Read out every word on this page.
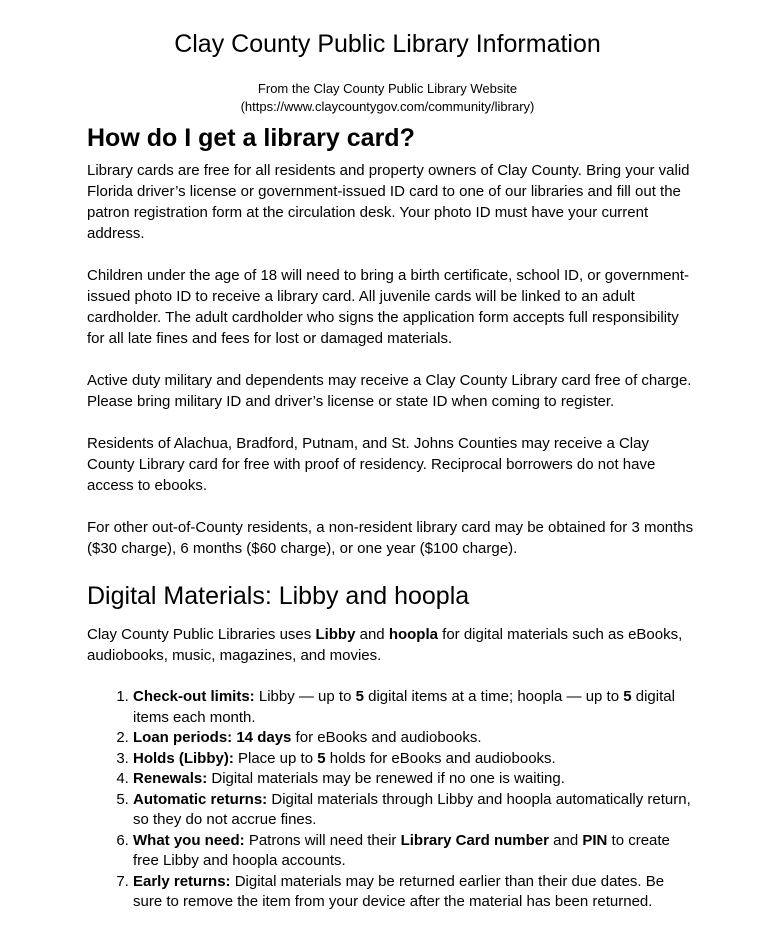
Clay County Public Library Information
From the Clay County Public Library Website
(https://www.claycountygov.com/community/library)
How do I get a library card?

Library cards are free for all residents and property owners of Clay County. Bring your valid Florida driver’s license or government-issued ID card to one of our libraries and fill out the patron registration form at the circulation desk. Your photo ID must have your current address.

Children under the age of 18 will need to bring a birth certificate, school ID, or government-issued photo ID to receive a library card. All juvenile cards will be linked to an adult cardholder. The adult cardholder who signs the application form accepts full responsibility for all late fines and fees for lost or damaged materials.

Active duty military and dependents may receive a Clay County Library card free of charge. Please bring military ID and driver’s license or state ID when coming to register.

Residents of Alachua, Bradford, Putnam, and St. Johns Counties may receive a Clay County Library card for free with proof of residency. Reciprocal borrowers do not have access to ebooks.

For other out-of-County residents, a non-resident library card may be obtained for 3 months ($30 charge), 6 months ($60 charge), or one year ($100 charge).

Digital Materials: Libby and hoopla

Clay County Public Libraries uses Libby and hoopla for digital materials such as eBooks, audiobooks, music, magazines, and movies.

1. Check-out limits: Libby — up to 5 digital items at a time; hoopla — up to 5 digital items each month.
2. Loan periods: 14 days for eBooks and audiobooks.
3. Holds (Libby): Place up to 5 holds for eBooks and audiobooks.
4. Renewals: Digital materials may be renewed if no one is waiting.
5. Automatic returns: Digital materials through Libby and hoopla automatically return, so they do not accrue fines.
6. What you need: Patrons will need their Library Card number and PIN to create free Libby and hoopla accounts.
7. Early returns: Digital materials may be returned earlier than their due dates. Be sure to remove the item from your device after the material has been returned.
